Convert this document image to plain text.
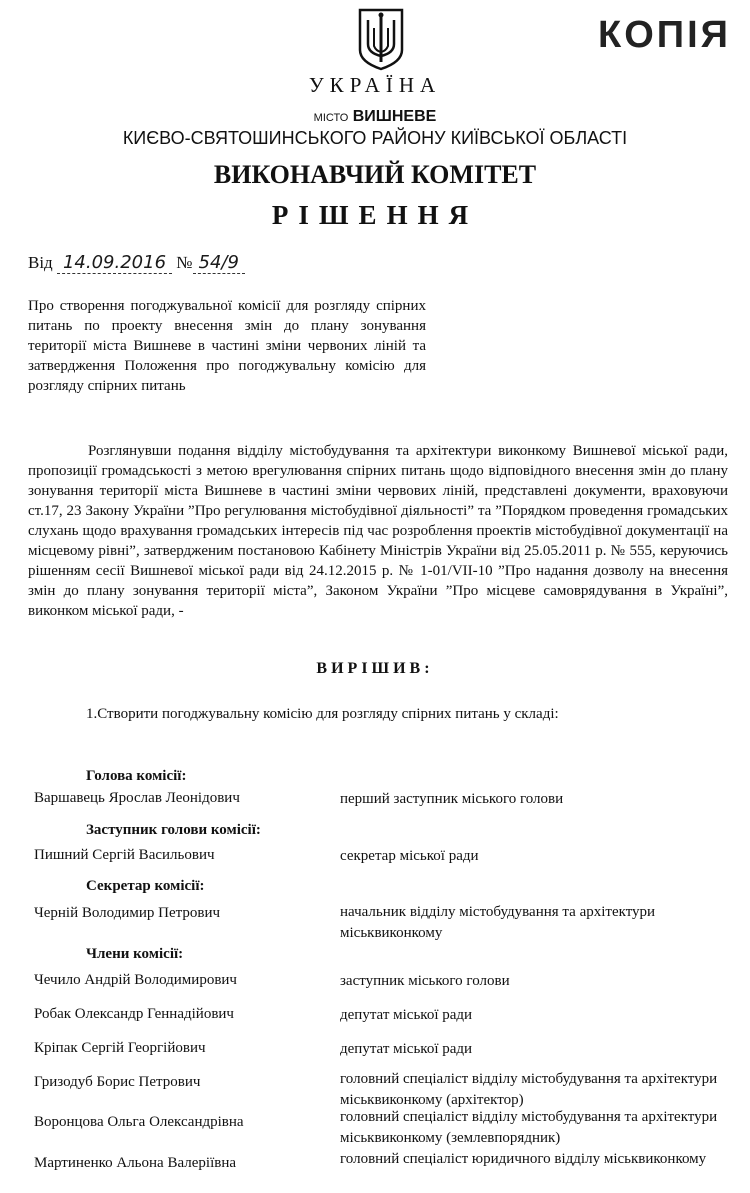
КОПІЯ
УКРАЇНА
МІСТО ВИШНЕВЕ
КИЄВО-СВЯТОШИНСЬКОГО РАЙОНУ КИЇВСЬКОЇ ОБЛАСТІ
ВИКОНАВЧИЙ КОМІТЕТ
РІШЕННЯ
Від 14.09.2016 № 54/9
Про створення погоджувальної комісії для розгляду спірних питань по проекту внесення змін до плану зонування території міста Вишневе в частині зміни червоних ліній та затвердження Положення про погоджувальну комісію для розгляду спірних питань
Розглянувши подання відділу містобудування та архітектури виконкому Вишневої міської ради, пропозиції громадськості з метою врегулювання спірних питань щодо відповідного внесення змін до плану зонування території міста Вишневе в частині зміни червових ліній, представлені документи, враховуючи ст.17, 23 Закону України ”Про регулювання містобудівної діяльності” та ”Порядком проведення громадських слухань щодо врахування громадських інтересів під час розроблення проектів містобудівної документації на місцевому рівні”, затвердженим постановою Кабінету Міністрів України від 25.05.2011 р. № 555, керуючись рішенням сесії Вишневої міської ради від 24.12.2015 р. № 1-01/VII-10 ”Про надання дозволу на внесення змін до плану зонування території міста”, Законом України ”Про місцеве самоврядування в Україні”, виконком міської ради, -
ВИРІШИВ:
1.Створити погоджувальну комісію для розгляду спірних питань у складі:
Голова комісії:
Варшавець Ярослав Леонідович	перший заступник міського голови
Заступник голови комісії:
Пишний Сергій Васильович	секретар міської ради
Секретар комісії:
Черній Володимир Петрович	начальник відділу містобудування та архітектури міськвиконкому
Члени комісії:
Чечило Андрій Володимирович	заступник міського голови
Робак Олександр Геннадійович	депутат міської ради
Кріпак Сергій Георгійович	депутат міської ради
Гризодуб Борис Петрович	головний спеціаліст відділу містобудування та архітектури міськвиконкому (архітектор)
Воронцова Ольга Олександрівна	головний спеціаліст відділу містобудування та архітектури міськвиконкому (землевпорядник)
Мартиненко Альона Валеріївна	головний спеціаліст юридичного відділу міськвиконкому
